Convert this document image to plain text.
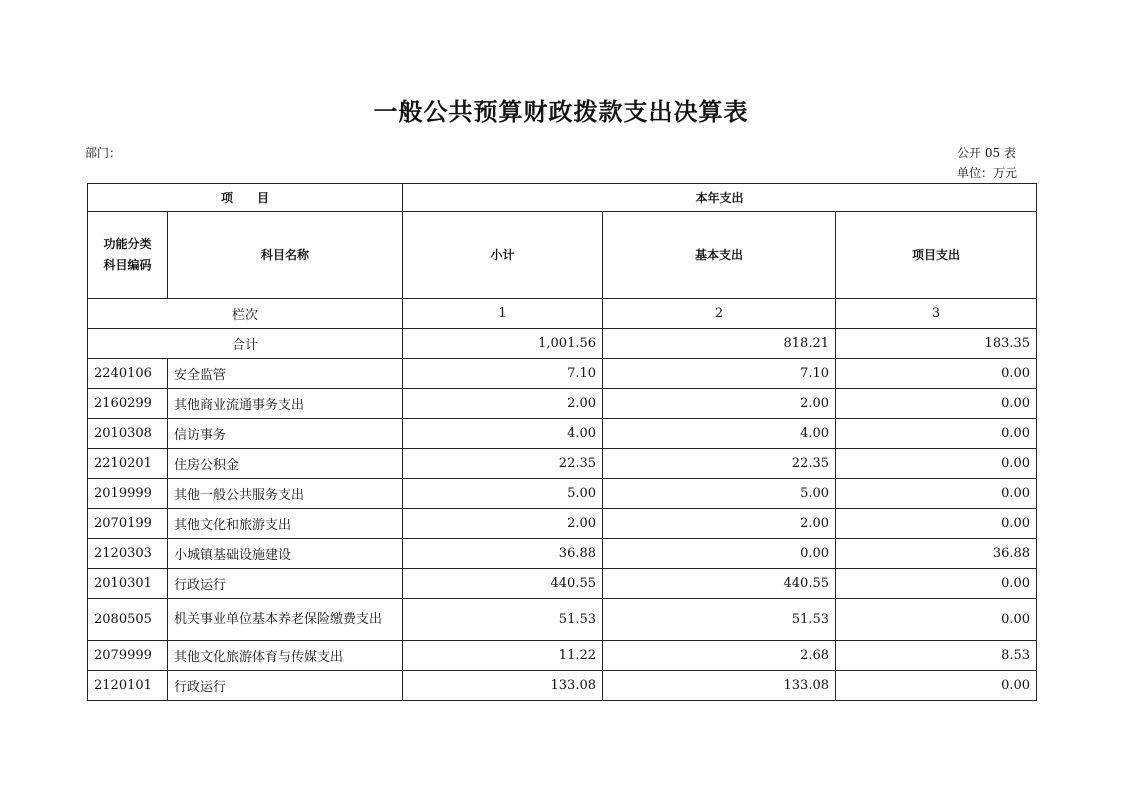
一般公共预算财政拨款支出决算表
部门：	公开 05 表
单位：万元
项　　目		本年支出		
功能分类
科目编码	科目名称	小计	基本支出	项目支出
栏次		1	2	3
合计		1,001.56	818.21	183.35
2240106	安全监管	7.10	7.10	0.00
2160299	其他商业流通事务支出	2.00	2.00	0.00
2010308	信访事务	4.00	4.00	0.00
2210201	住房公积金	22.35	22.35	0.00
2019999	其他一般公共服务支出	5.00	5.00	0.00
2070199	其他文化和旅游支出	2.00	2.00	0.00
2120303	小城镇基础设施建设	36.88	0.00	36.88
2010301	行政运行	440.55	440.55	0.00
2080505	机关事业单位基本养老保险缴费支出	51.53	51.53	0.00
2079999	其他文化旅游体育与传媒支出	11.22	2.68	8.53
2120101	行政运行	133.08	133.08	0.00
